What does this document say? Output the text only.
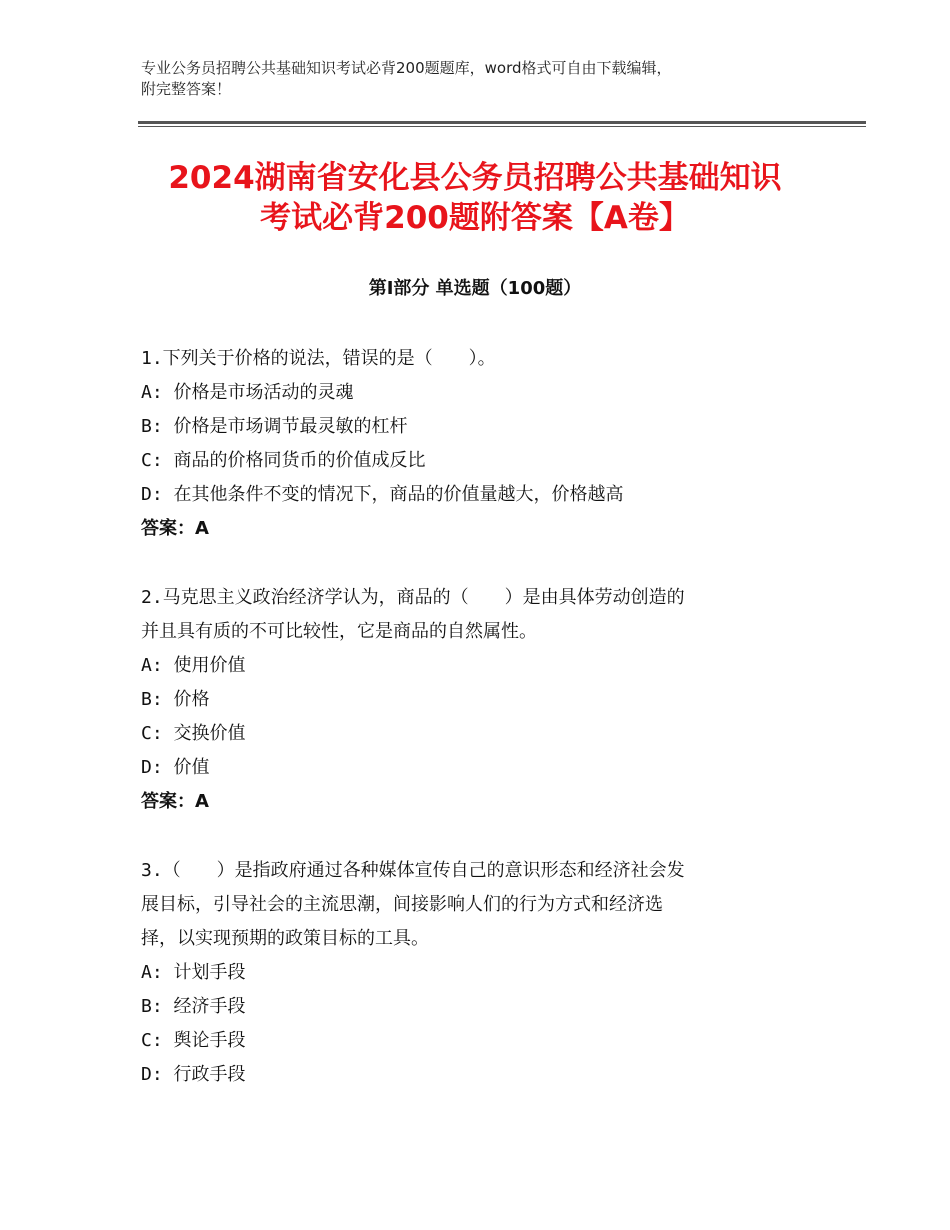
专业公务员招聘公共基础知识考试必背200题题库，word格式可自由下载编辑，
附完整答案！
2024湖南省安化县公务员招聘公共基础知识
考试必背200题附答案【A卷】
第Ⅰ部分 单选题（100题）
1.下列关于价格的说法，错误的是（　　）。
A: 价格是市场活动的灵魂
B: 价格是市场调节最灵敏的杠杆
C: 商品的价格同货币的价值成反比
D: 在其他条件不变的情况下，商品的价值量越大，价格越高
答案：A
2.马克思主义政治经济学认为，商品的（　　）是由具体劳动创造的
并且具有质的不可比较性，它是商品的自然属性。
A: 使用价值
B: 价格
C: 交换价值
D: 价值
答案：A
3.（　　）是指政府通过各种媒体宣传自己的意识形态和经济社会发
展目标，引导社会的主流思潮，间接影响人们的行为方式和经济选
择，以实现预期的政策目标的工具。
A: 计划手段
B: 经济手段
C: 舆论手段
D: 行政手段
